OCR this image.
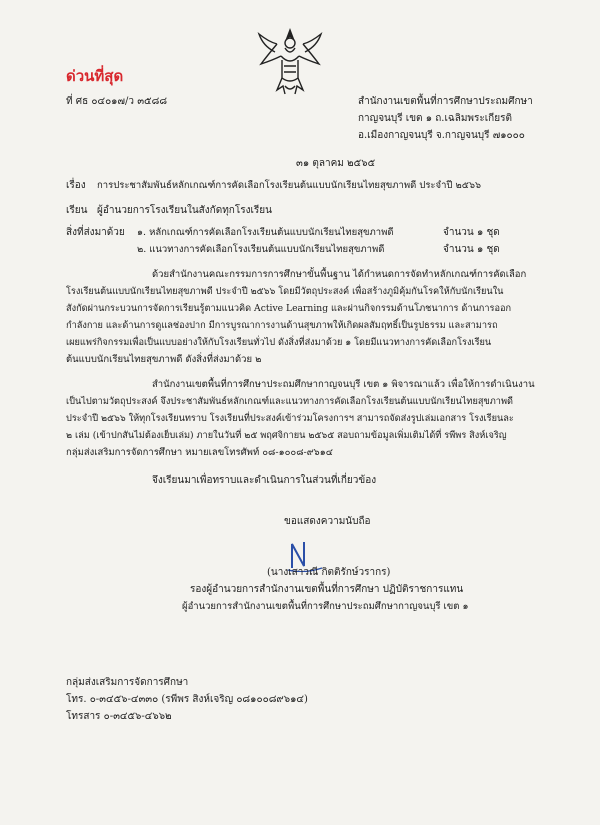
ด่วนที่สุด
ที่ ศธ ๐๔๐๑๗/ว ๓๕๘๘	สำนักงานเขตพื้นที่การศึกษาประถมศึกษา
กาญจนบุรี เขต ๑ ถ.เฉลิมพระเกียรติ
อ.เมืองกาญจนบุรี จ.กาญจนบุรี ๗๑๐๐๐
๓๑ ตุลาคม ๒๕๖๕
เรื่อง การประชาสัมพันธ์หลักเกณฑ์การคัดเลือกโรงเรียนต้นแบบนักเรียนไทยสุขภาพดี ประจำปี ๒๕๖๖
เรียน ผู้อำนวยการโรงเรียนในสังกัดทุกโรงเรียน
สิ่งที่ส่งมาด้วย ๑. หลักเกณฑ์การคัดเลือกโรงเรียนต้นแบบนักเรียนไทยสุขภาพดี	จำนวน ๑ ชุด
๒. แนวทางการคัดเลือกโรงเรียนต้นแบบนักเรียนไทยสุขภาพดี	จำนวน ๑ ชุด
ด้วยสำนักงานคณะกรรมการการศึกษาขั้นพื้นฐาน ได้กำหนดการจัดทำหลักเกณฑ์การคัดเลือก
โรงเรียนต้นแบบนักเรียนไทยสุขภาพดี ประจำปี ๒๕๖๖ โดยมีวัตถุประสงค์ เพื่อสร้างภูมิคุ้มกันโรคให้กับนักเรียนใน
สังกัดผ่านกระบวนการจัดการเรียนรู้ตามแนวคิด Active Learning และผ่านกิจกรรมด้านโภชนาการ ด้านการออก
กำลังกาย และด้านการดูแลช่องปาก มีการบูรณาการงานด้านสุขภาพให้เกิดผลสัมฤทธิ์เป็นรูปธรรม และสามารถ
เผยแพร่กิจกรรมเพื่อเป็นแบบอย่างให้กับโรงเรียนทั่วไป ดังสิ่งที่ส่งมาด้วย ๑ โดยมีแนวทางการคัดเลือกโรงเรียน
ต้นแบบนักเรียนไทยสุขภาพดี ดังสิ่งที่ส่งมาด้วย ๒
สำนักงานเขตพื้นที่การศึกษาประถมศึกษากาญจนบุรี เขต ๑ พิจารณาแล้ว เพื่อให้การดำเนินงาน
เป็นไปตามวัตถุประสงค์ จึงประชาสัมพันธ์หลักเกณฑ์และแนวทางการคัดเลือกโรงเรียนต้นแบบนักเรียนไทยสุขภาพดี
ประจำปี ๒๕๖๖ ให้ทุกโรงเรียนทราบ โรงเรียนที่ประสงค์เข้าร่วมโครงการฯ สามารถจัดส่งรูปเล่มเอกสาร โรงเรียนละ
๒ เล่ม (เข้าปกสันไม่ต้องเย็บเล่ม) ภายในวันที่ ๒๕ พฤศจิกายน ๒๕๖๕ สอบถามข้อมูลเพิ่มเติมได้ที่ รพีพร สิงห์เจริญ
กลุ่มส่งเสริมการจัดการศึกษา หมายเลขโทรศัพท์ ๐๘-๑๐๐๘-๙๖๑๔
จึงเรียนมาเพื่อทราบและดำเนินการในส่วนที่เกี่ยวข้อง
ขอแสดงความนับถือ
(นางเสาวณี กิตติรักษ์วรากร)
รองผู้อำนวยการสำนักงานเขตพื้นที่การศึกษา ปฏิบัติราชการแทน
ผู้อำนวยการสำนักงานเขตพื้นที่การศึกษาประถมศึกษากาญจนบุรี เขต ๑
กลุ่มส่งเสริมการจัดการศึกษา
โทร. ๐-๓๔๕๖-๔๓๓๐ (รพีพร สิงห์เจริญ ๐๘๑๐๐๘๙๖๑๔)
โทรสาร ๐-๓๔๕๖-๔๖๖๒
